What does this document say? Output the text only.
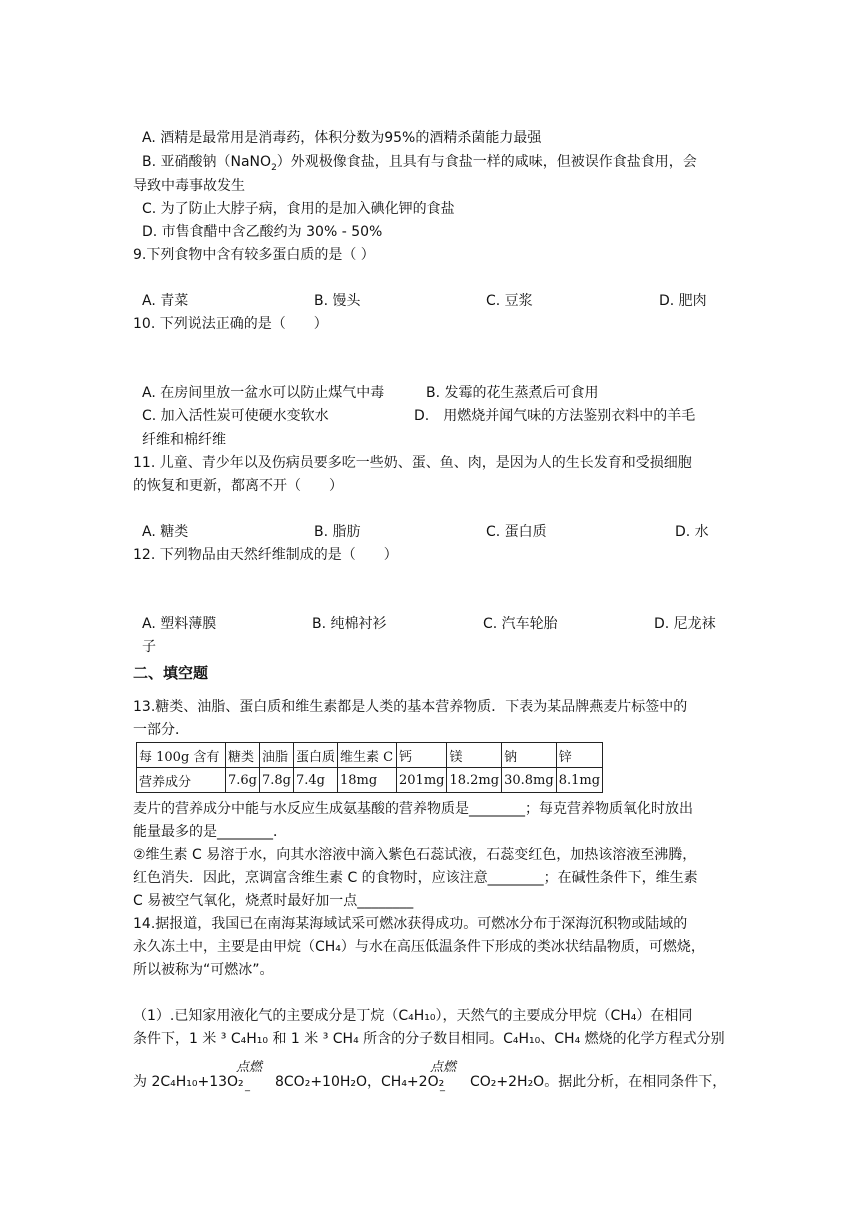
A. 酒精是最常用是消毒药，体积分数为95%的酒精杀菌能力最强
B. 亚硝酸钠（NaNO$_2$）外观极像食盐，且具有与食盐一样的咸味，但被误作食盐食用，会
导致中毒事故发生
C. 为了防止大脖子病，食用的是加入碘化钾的食盐
D. 市售食醋中含乙酸约为 30% ‑ 50%
9.下列食物中含有较多蛋白质的是（ ）
A. 青菜	B. 馒头	C. 豆浆	D. 肥肉
10. 下列说法正确的是（　　）
A. 在房间里放一盆水可以防止煤气中毒	B. 发霉的花生蒸煮后可食用
C. 加入活性炭可使硬水变软水	D.　用燃烧并闻气味的方法鉴别衣料中的羊毛
纤维和棉纤维
11. 儿童、青少年以及伤病员要多吃一些奶、蛋、鱼、肉，是因为人的生长发育和受损细胞
的恢复和更新，都离不开（　　）
A. 糖类	B. 脂肪	C. 蛋白质	D. 水
12. 下列物品由天然纤维制成的是（　　）
A. 塑料薄膜	B. 纯棉衬衫	C. 汽车轮胎	D. 尼龙袜
子
二、填空题
13.糖类、油脂、蛋白质和维生素都是人类的基本营养物质．下表为某品牌燕麦片标签中的
一部分．
每 100g 含有	糖类	油脂	蛋白质	维生素 C	钙	镁	钠	锌
营养成分	7.6g	7.8g	7.4g	18mg	201mg	18.2mg	30.8mg	8.1mg
麦片的营养成分中能与水反应生成氨基酸的营养物质是________；每克营养物质氧化时放出
能量最多的是________．
②维生素 C 易溶于水，向其水溶液中滴入紫色石蕊试液，石蕊变红色，加热该溶液至沸腾，
红色消失．因此，烹调富含维生素 C 的食物时，应该注意________；在碱性条件下，维生素
C 易被空气氧化，烧煮时最好加一点________
14.据报道，我国已在南海某海域试采可燃冰获得成功。可燃冰分布于深海沉积物或陆域的
永久冻土中，主要是由甲烷（CH₄）与水在高压低温条件下形成的类冰状结晶物质，可燃烧，
所以被称为“可燃冰”。
（1）.已知家用液化气的主要成分是丁烷（C₄H₁₀），天然气的主要成分甲烷（CH₄）在相同
条件下，1 米 ³ C₄H₁₀ 和 1 米 ³ CH₄ 所含的分子数目相同。C₄H₁₀、CH₄ 燃烧的化学方程式分别
为 2C₄H₁₀+13O₂
点燃
‾
8CO₂+10H₂O，CH₄+2O₂
点燃
‾
CO₂+2H₂O。据此分析，在相同条件下，
